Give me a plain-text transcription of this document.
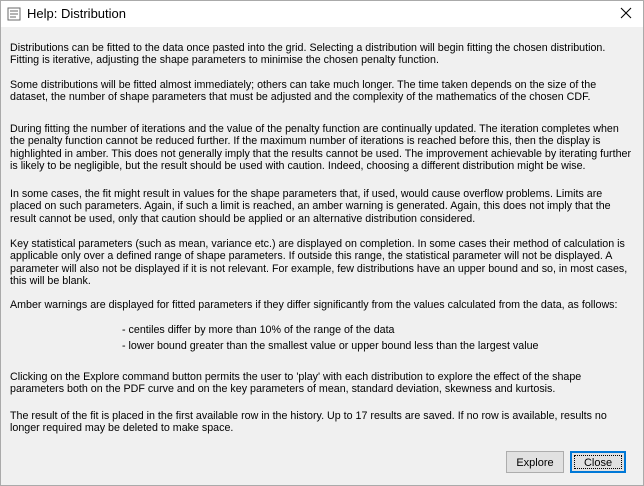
Help: Distribution

Distributions can be fitted to the data once pasted into the grid. Selecting a distribution will begin fitting the chosen distribution.
Fitting is iterative, adjusting the shape parameters to minimise the chosen penalty function.

Some distributions will be fitted almost immediately; others can take much longer. The time taken depends on the size of the
dataset, the number of shape parameters that must be adjusted and the complexity of the mathematics of the chosen CDF.

During fitting the number of iterations and the value of the penalty function are continually updated. The iteration completes when
the penalty function cannot be reduced further. If the maximum number of iterations is reached before this, then the display is
highlighted in amber. This does not generally imply that the results cannot be used. The improvement achievable by iterating further
is likely to be negligible, but the result should be used with caution. Indeed, choosing a different distribution might be wise.

In some cases, the fit might result in values for the shape parameters that, if used, would cause overflow problems. Limits are
placed on such parameters. Again, if such a limit is reached, an amber warning is generated. Again, this does not imply that the
result cannot be used, only that caution should be applied or an alternative distribution considered.

Key statistical parameters (such as mean, variance etc.) are displayed on completion. In some cases their method of calculation is
applicable only over a defined range of shape parameters. If outside this range, the statistical parameter will not be displayed. A
parameter will also not be displayed if it is not relevant. For example, few distributions have an upper bound and so, in most cases,
this will be blank.

Amber warnings are displayed for fitted parameters if they differ significantly from the values calculated from the data, as follows:

- centiles differ by more than 10% of the range of the data
- lower bound greater than the smallest value or upper bound less than the largest value

Clicking on the Explore command button permits the user to 'play' with each distribution to explore the effect of the shape
parameters both on the PDF curve and on the key parameters of mean, standard deviation, skewness and kurtosis.

The result of the fit is placed in the first available row in the history. Up to 17 results are saved. If no row is available, results no
longer required may be deleted to make space.

Explore	Close
